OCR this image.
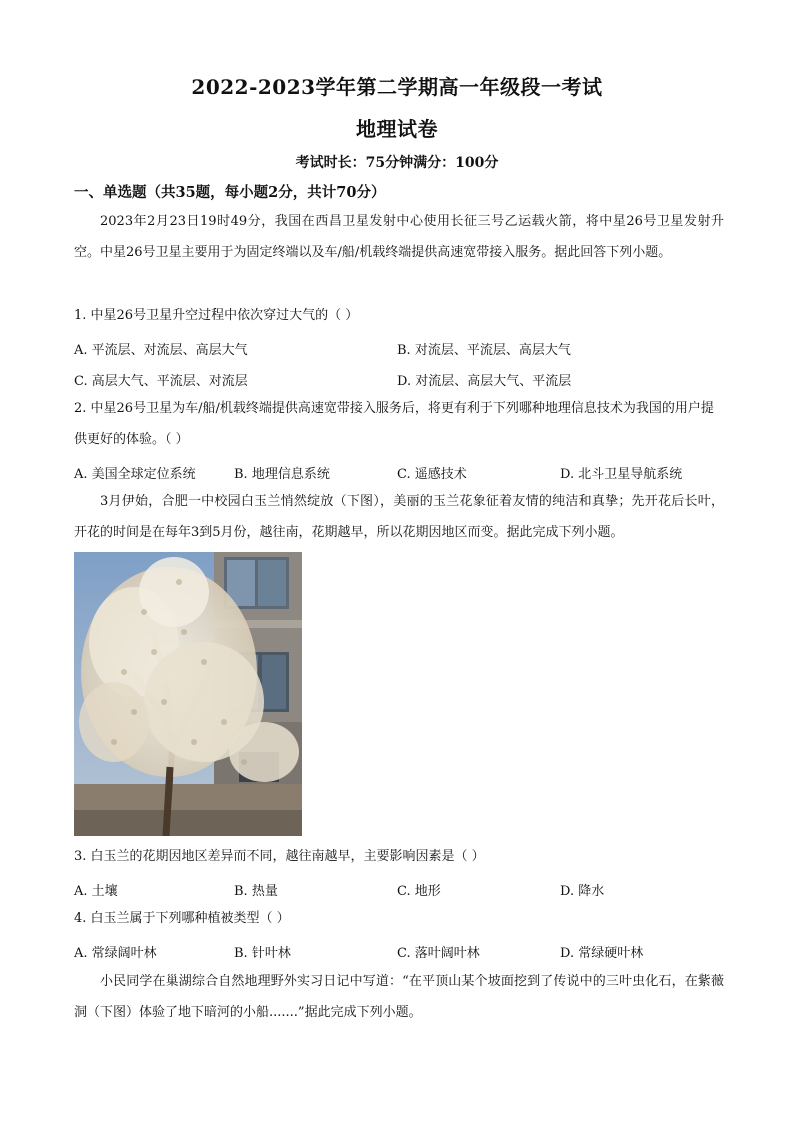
2022-2023学年第二学期高一年级段一考试
地理试卷
考试时长：75分钟满分：100分
一、单选题（共35题，每小题2分，共计70分）
2023年2月23日19时49分，我国在西昌卫星发射中心使用长征三号乙运载火箭，将中星26号卫星发射升空。中星26号卫星主要用于为固定终端以及车/船/机载终端提供高速宽带接入服务。据此回答下列小题。
1. 中星26号卫星升空过程中依次穿过大气的（ ）
A. 平流层、对流层、高层大气	B. 对流层、平流层、高层大气
C. 高层大气、平流层、对流层	D. 对流层、高层大气、平流层
2. 中星26号卫星为车/船/机载终端提供高速宽带接入服务后，将更有利于下列哪种地理信息技术为我国的用户提供更好的体验。（ ）
A. 美国全球定位系统	B. 地理信息系统	C. 遥感技术	D. 北斗卫星导航系统
3月伊始，合肥一中校园白玉兰悄然绽放（下图），美丽的玉兰花象征着友情的纯洁和真挚；先开花后长叶，开花的时间是在每年3到5月份，越往南，花期越早，所以花期因地区而变。据此完成下列小题。
3. 白玉兰的花期因地区差异而不同，越往南越早，主要影响因素是（ ）
A. 土壤	B. 热量	C. 地形	D. 降水
4. 白玉兰属于下列哪种植被类型（ ）
A. 常绿阔叶林	B. 针叶林	C. 落叶阔叶林	D. 常绿硬叶林
小民同学在巢湖综合自然地理野外实习日记中写道：“在平顶山某个坡面挖到了传说中的三叶虫化石，在紫薇洞（下图）体验了地下暗河的小船.......”据此完成下列小题。
